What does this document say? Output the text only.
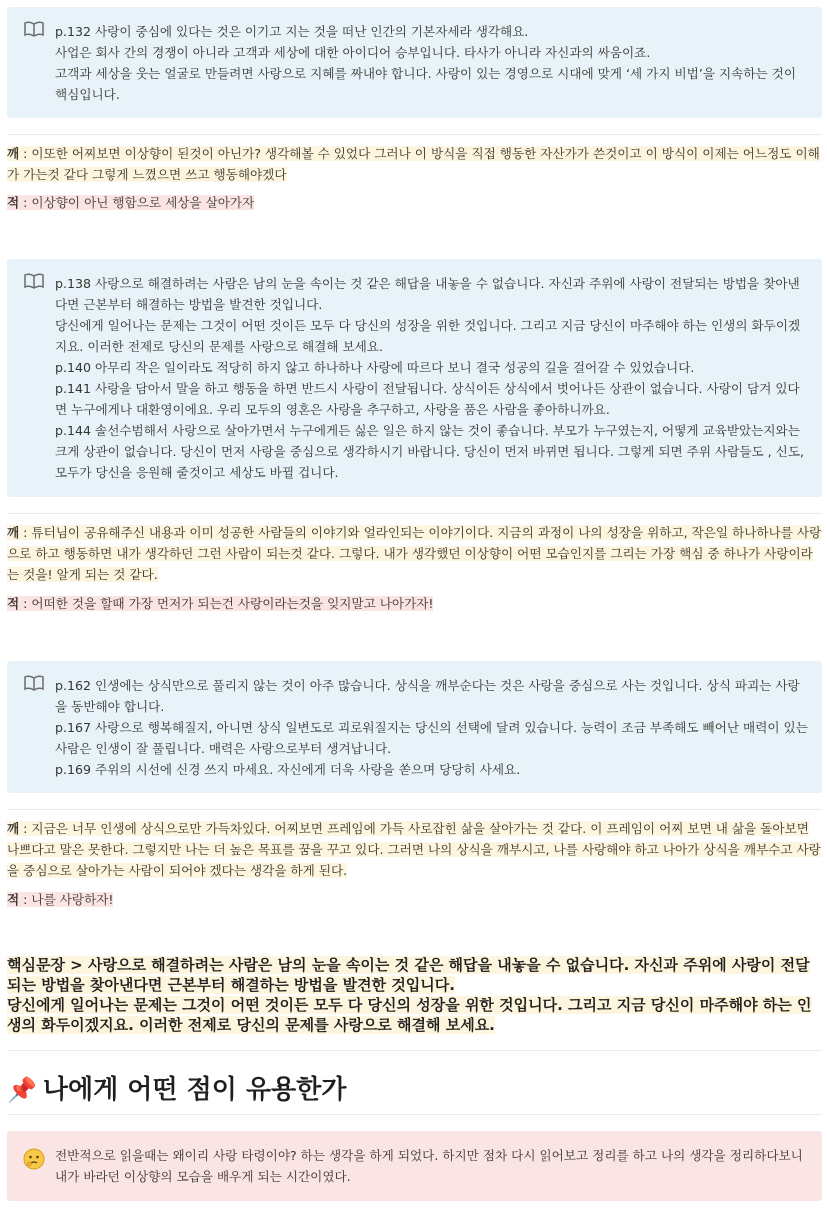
p.132 사랑이 중심에 있다는 것은 이기고 지는 것을 떠난 인간의 기본자세라 생각해요.
사업은 회사 간의 경쟁이 아니라 고객과 세상에 대한 아이디어 승부입니다. 타사가 아니라 자신과의 싸움이죠.
고객과 세상을 웃는 얼굴로 만들려면 사랑으로 지혜를 짜내야 합니다. 사랑이 있는 경영으로 시대에 맞게 ‘세 가지 비법’을 지속하는 것이 핵심입니다.
깨 : 이또한 어찌보면 이상향이 된것이 아닌가? 생각해볼 수 있었다 그러나 이 방식을 직접 행동한 자산가가 쓴것이고 이 방식이 이제는 어느정도 이해가 가는것 같다 그렇게 느꼈으면 쓰고 행동해야겠다
적 : 이상향이 아닌 행함으로 세상을 살아가자
p.138 사랑으로 해결하려는 사람은 남의 눈을 속이는 것 같은 해답을 내놓을 수 없습니다. 자신과 주위에 사랑이 전달되는 방법을 찾아낸다면 근본부터 해결하는 방법을 발견한 것입니다.
당신에게 일어나는 문제는 그것이 어떤 것이든 모두 다 당신의 성장을 위한 것입니다. 그리고 지금 당신이 마주해야 하는 인생의 화두이겠지요. 이러한 전제로 당신의 문제를 사랑으로 해결해 보세요.
p.140 아무리 작은 일이라도 적당히 하지 않고 하나하나 사랑에 따르다 보니 결국 성공의 길을 걸어갈 수 있었습니다.
p.141 사랑을 담아서 말을 하고 행동을 하면 반드시 사랑이 전달됩니다. 상식이든 상식에서 벗어나든 상관이 없습니다. 사랑이 담겨 있다면 누구에게나 대환영이에요. 우리 모두의 영혼은 사랑을 추구하고, 사랑을 품은 사람을 좋아하니까요.
p.144 솔선수범해서 사랑으로 살아가면서 누구에게든 싫은 일은 하지 않는 것이 좋습니다. 부모가 누구였는지, 어떻게 교육받았는지와는 크게 상관이 없습니다. 당신이 먼저 사랑을 중심으로 생각하시기 바랍니다. 당신이 먼저 바뀌면 됩니다. 그렇게 되면 주위 사람들도 , 신도, 모두가 당신을 응원해 줄것이고 세상도 바뀔 겁니다.
깨 : 튜터님이 공유해주신 내용과 이미 성공한 사람들의 이야기와 얼라인되는 이야기이다. 지금의 과정이 나의 성장을 위하고, 작은일 하나하나를 사랑으로 하고 행동하면 내가 생각하던 그런 사람이 되는것 같다. 그렇다. 내가 생각했던 이상향이 어떤 모습인지를 그리는 가장 핵심 중 하나가 사랑이라는 것을! 알게 되는 것 같다.
적 : 어떠한 것을 할때 가장 먼저가 되는건 사랑이라는것을 잊지말고 나아가자!
p.162 인생에는 상식만으로 풀리지 않는 것이 아주 많습니다. 상식을 깨부순다는 것은 사랑을 중심으로 사는 것입니다. 상식 파괴는 사랑을 동반해야 합니다.
p.167 사랑으로 행복해질지, 아니면 상식 일변도로 괴로워질지는 당신의 선택에 달려 있습니다. 능력이 조금 부족해도 빼어난 매력이 있는 사람은 인생이 잘 풀립니다. 매력은 사랑으로부터 생겨납니다.
p.169 주위의 시선에 신경 쓰지 마세요. 자신에게 더욱 사랑을 쏟으며 당당히 사세요.
깨 : 지금은 너무 인생에 상식으로만 가득차있다. 어찌보면 프레임에 가득 사로잡힌 삶을 살아가는 것 같다. 이 프레임이 어찌 보면 내 삶을 돌아보면 나쁘다고 말은 못한다. 그렇지만 나는 더 높은 목표를 꿈을 꾸고 있다. 그러면 나의 상식을 깨부시고, 나를 사랑해야 하고 나아가 상식을 깨부수고 사랑을 중심으로 살아가는 사람이 되어야 겠다는 생각을 하게 된다.
적 : 나를 사랑하자!
핵심문장 > 사랑으로 해결하려는 사람은 남의 눈을 속이는 것 같은 해답을 내놓을 수 없습니다. 자신과 주위에 사랑이 전달되는 방법을 찾아낸다면 근본부터 해결하는 방법을 발견한 것입니다.
당신에게 일어나는 문제는 그것이 어떤 것이든 모두 다 당신의 성장을 위한 것입니다. 그리고 지금 당신이 마주해야 하는 인생의 화두이겠지요. 이러한 전제로 당신의 문제를 사랑으로 해결해 보세요.
📌 나에게 어떤 점이 유용한가
전반적으로 읽을때는 왜이리 사랑 타령이야? 하는 생각을 하게 되었다. 하지만 점차 다시 읽어보고 정리를 하고 나의 생각을 정리하다보니 내가 바라던 이상향의 모습을 배우게 되는 시간이였다.
